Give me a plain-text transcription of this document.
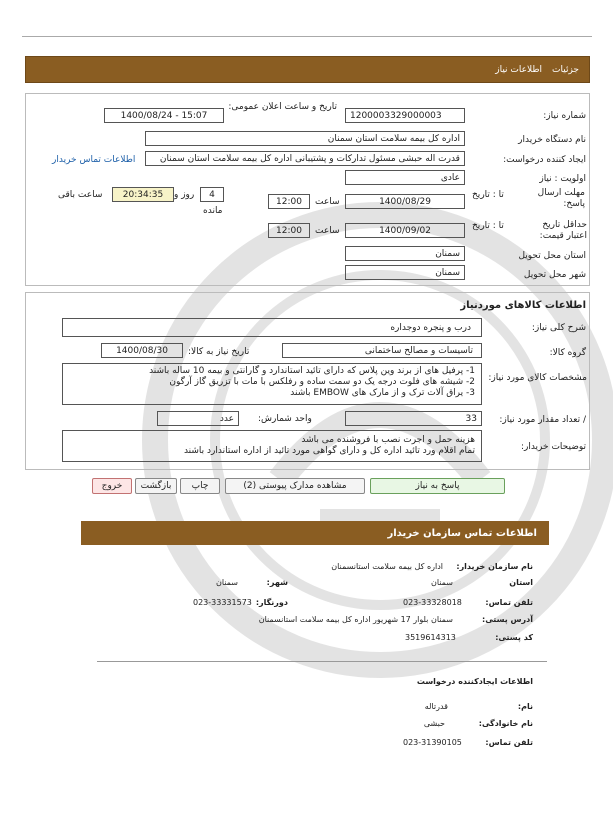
جزئیات
اطلاعات نیاز
شماره نیاز:
1200003329000003
تاریخ و ساعت اعلان عمومی:
1400/08/24 - 15:07
نام دستگاه خریدار
اداره کل بیمه سلامت استان سمنان
ایجاد کننده درخواست:
قدرت اله حبشی مسئول تدارکات و پشتیبانی اداره کل بیمه سلامت استان سمنان
اطلاعات تماس خریدار
اولویت : نیاز
عادی
مهلت ارسال پاسخ:
تا : تاریخ
1400/08/29
ساعت
12:00
4
روز و
مانده
20:34:35
ساعت باقی
حداقل تاریخ اعتبار قیمت:
تا : تاریخ
1400/09/02
ساعت
12:00
استان محل تحویل
سمنان
شهر محل تحویل
سمنان
اطلاعات کالاهای موردنیاز
شرح کلی نیاز:
درب و پنجره دوجداره
گروه کالا:
تاسیسات و مصالح ساختمانی
تاریخ نیاز به کالا:
1400/08/30
مشخصات کالای مورد نیاز:
1- پرفیل های از برند وین پلاس که دارای تائید استاندارد و گارانتی و بیمه 10 ساله باشند
2- شیشه های فلوت درجه یک دو سمت ساده و رفلکس با مات با تزریق گاز آرگون
3- یراق آلات ترک و از مارک های EMBOW باشند
/ تعداد مقدار مورد نیاز:
33
واحد شمارش:
عدد
توضیحات خریدار:
هزینه حمل و اجرت نصب با فروشنده می باشد
تمام اقلام ورد تائید اداره کل و دارای گواهی مورد تائید از اداره استاندارد باشند
پاسخ به نیاز
مشاهده مدارک پیوستی (2)
چاپ
بازگشت
خروج
اطلاعات تماس سازمان خریدار
نام سازمان خریدار:
اداره کل بیمه سلامت استانسمنان
استان
سمنان
شهر:
سمنان
تلفن تماس:
023-33328018
دورنگار:
023-33331573
آدرس پستی:
سمنان بلوار 17 شهریور اداره کل بیمه سلامت استانسمنان
کد پستی:
3519614313
اطلاعات ایجادکننده درخواست
نام:
قدرتاله
نام خانوادگی:
حبشی
تلفن تماس:
023-31390105
